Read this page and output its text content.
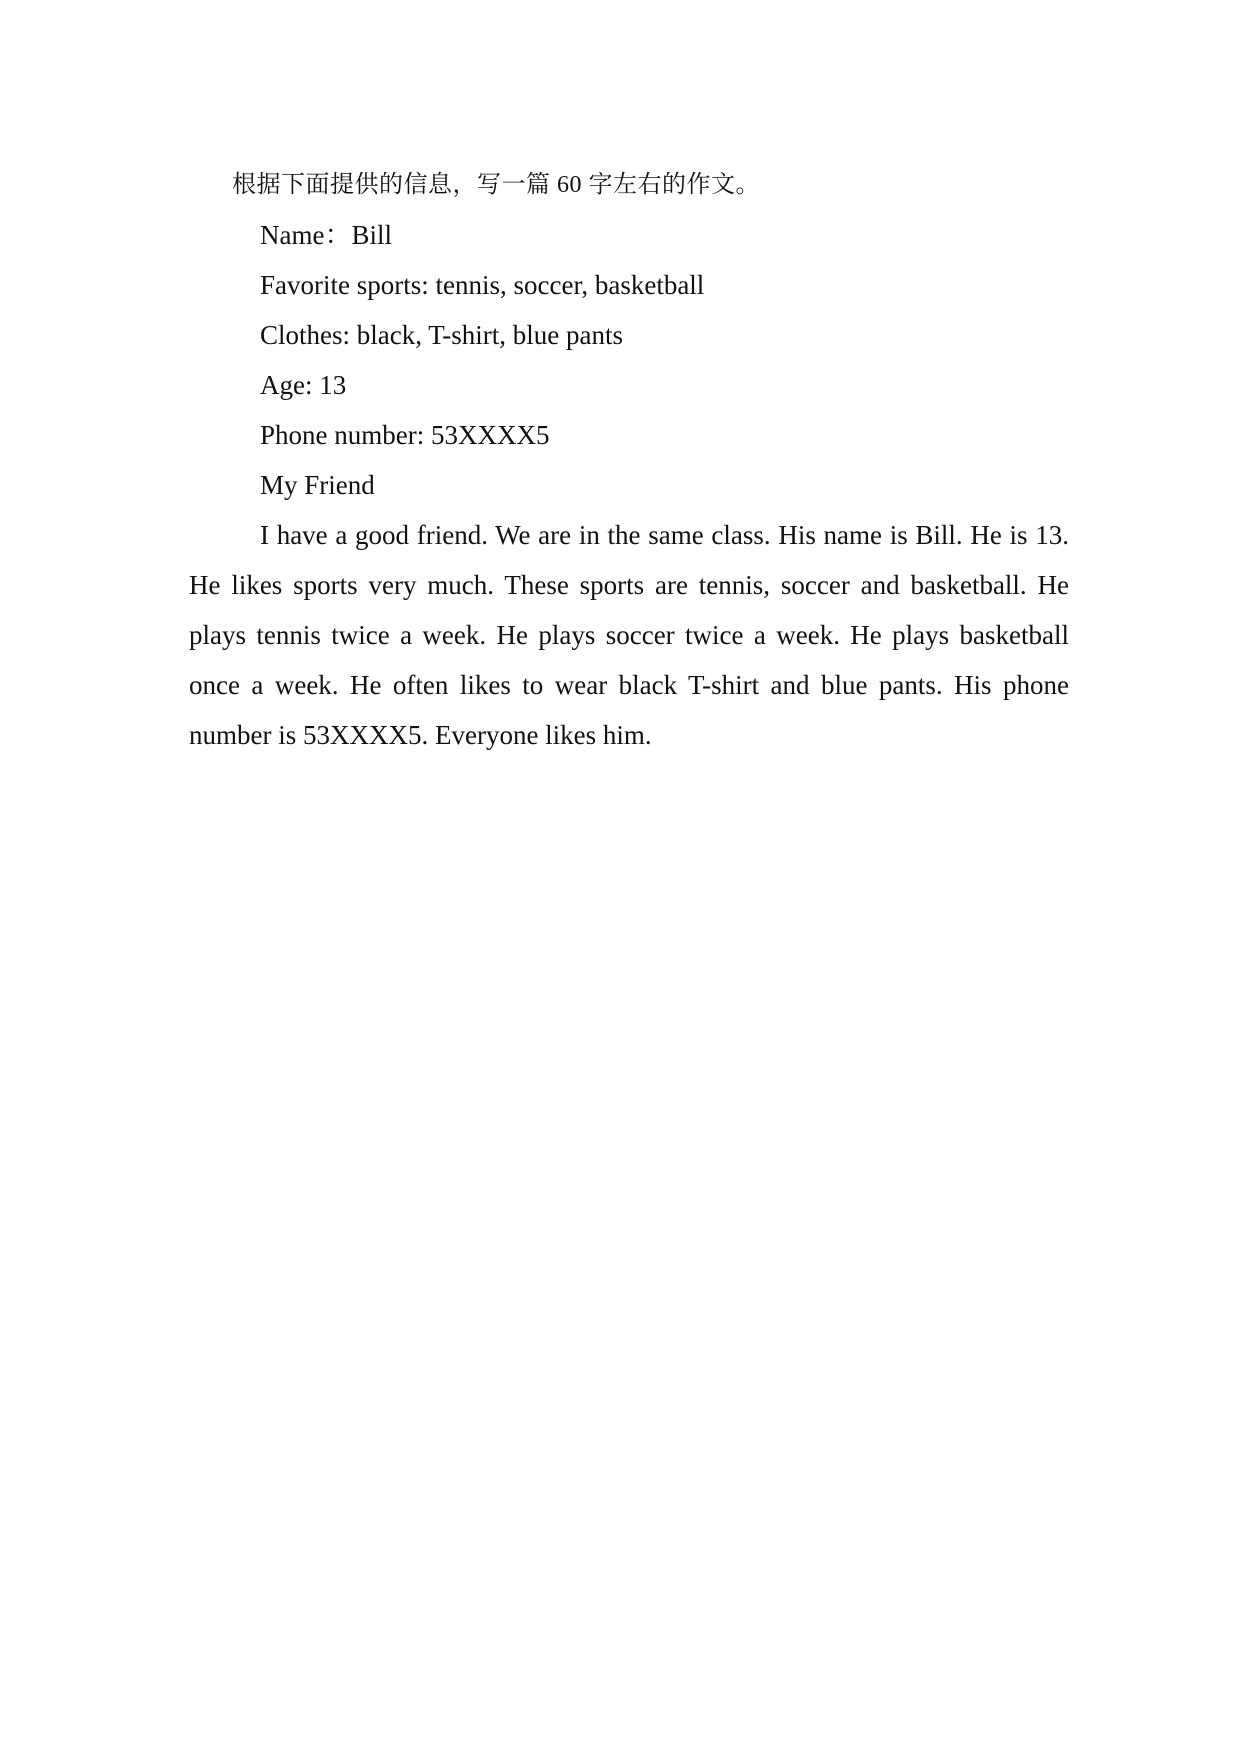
根据下面提供的信息，写一篇 60 字左右的作文。
Name：Bill
Favorite sports: tennis, soccer, basketball
Clothes: black, T-shirt, blue pants
Age: 13
Phone number: 53XXXX5
My Friend

I have a good friend. We are in the same class. His name is Bill. He is 13. He likes sports very much. These sports are tennis, soccer and basketball. He plays tennis twice a week. He plays soccer twice a week. He plays basketball once a week. He often likes to wear black T-shirt and blue pants. His phone number is 53XXXX5. Everyone likes him.
